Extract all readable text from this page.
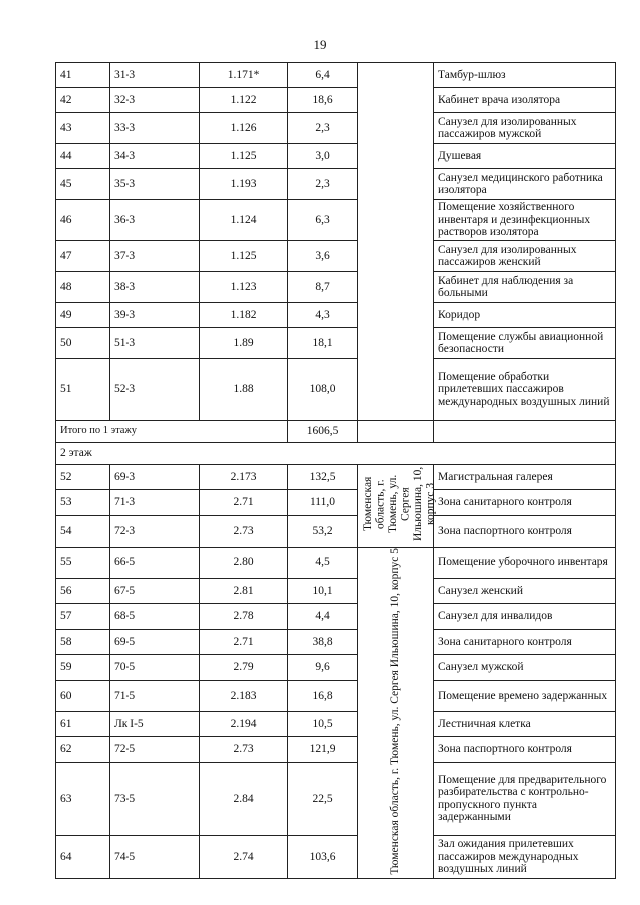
19
41	31-3	1.171*	6,4		Тамбур-шлюз
42	32-3	1.122	18,6		Кабинет врача изолятора
43	33-3	1.126	2,3		Санузел для изолированных пассажиров мужской
44	34-3	1.125	3,0		Душевая
45	35-3	1.193	2,3		Санузел медицинского работника изолятора
46	36-3	1.124	6,3		Помещение хозяйственного инвентаря и дезинфекционных растворов изолятора
47	37-3	1.125	3,6		Санузел для изолированных пассажиров женский
48	38-3	1.123	8,7		Кабинет для наблюдения за больными
49	39-3	1.182	4,3		Коридор
50	51-3	1.89	18,1		Помещение службы авиационной безопасности
51	52-3	1.88	108,0		Помещение обработки прилетевших пассажиров международных воздушных линий
Итого по 1 этажу			1606,5		
2 этаж					
52	69-3	2.173	132,5	Тюменская область, г. Тюмень, ул. Сергея Ильюшина, 10, корпус 3	Магистральная галерея
53	71-3	2.71	111,0		Зона санитарного контроля
54	72-3	2.73	53,2		Зона паспортного контроля
55	66-5	2.80	4,5	Тюменская область, г. Тюмень, ул. Сергея Ильюшина, 10, корпус 5	Помещение уборочного инвентаря
56	67-5	2.81	10,1		Санузел женский
57	68-5	2.78	4,4		Санузел для инвалидов
58	69-5	2.71	38,8		Зона санитарного контроля
59	70-5	2.79	9,6		Санузел мужской
60	71-5	2.183	16,8		Помещение времено задержанных
61	Лк I-5	2.194	10,5		Лестничная клетка
62	72-5	2.73	121,9		Зона паспортного контроля
63	73-5	2.84	22,5		Помещение для предварительного разбирательства с контрольно-пропускного пункта задержанными
64	74-5	2.74	103,6		Зал ожидания прилетевших пассажиров международных воздушных линий
